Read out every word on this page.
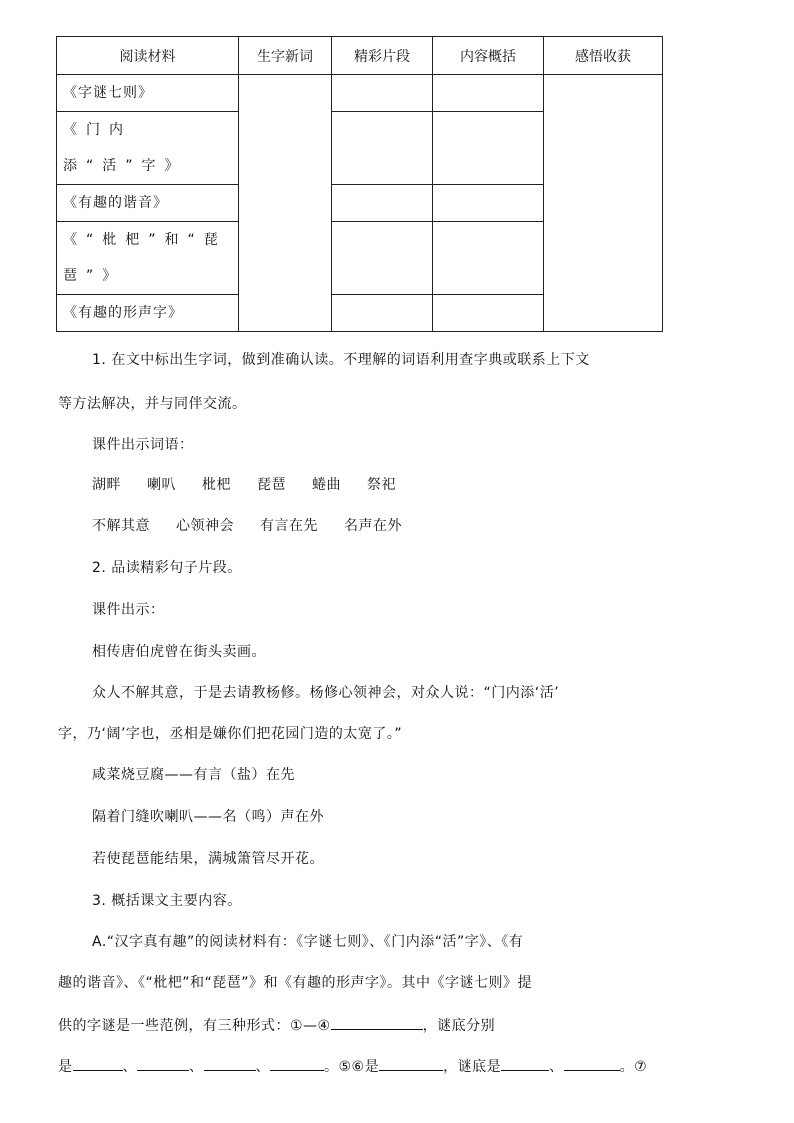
阅读材料	生字新词	精彩片段	内容概括	感悟收获

《字谜七则》				

《门内添“活”字》				

《有趣的谐音》				

《“枇杷”和“琵琶”》				

《有趣的形声字》				

1. 在文中标出生字词，做到准确认读。不理解的词语利用查字典或联系上下文
等方法解决，并与同伴交流。
课件出示词语：
湖畔 喇叭 枇杷 琵琶 蜷曲 祭祀
不解其意 心领神会 有言在先 名声在外
2. 品读精彩句子片段。
课件出示：
相传唐伯虎曾在街头卖画。
众人不解其意，于是去请教杨修。杨修心领神会，对众人说：“门内添‘活’
字，乃‘阔’字也，丞相是嫌你们把花园门造的太宽了。”
咸菜烧豆腐——有言（盐）在先
隔着门缝吹喇叭——名（鸣）声在外
若使琵琶能结果，满城箫管尽开花。
3. 概括课文主要内容。
A.“汉字真有趣”的阅读材料有：《字谜七则》、《门内添“活”字》、《有
趣的谐音》、《“枇杷”和“琵琶”》和《有趣的形声字》。其中《字谜七则》提
供的字谜是一些范例，有三种形式：①—④	，谜底分别
是	、	、	、	。⑤⑥是	，谜底是	、	。⑦
